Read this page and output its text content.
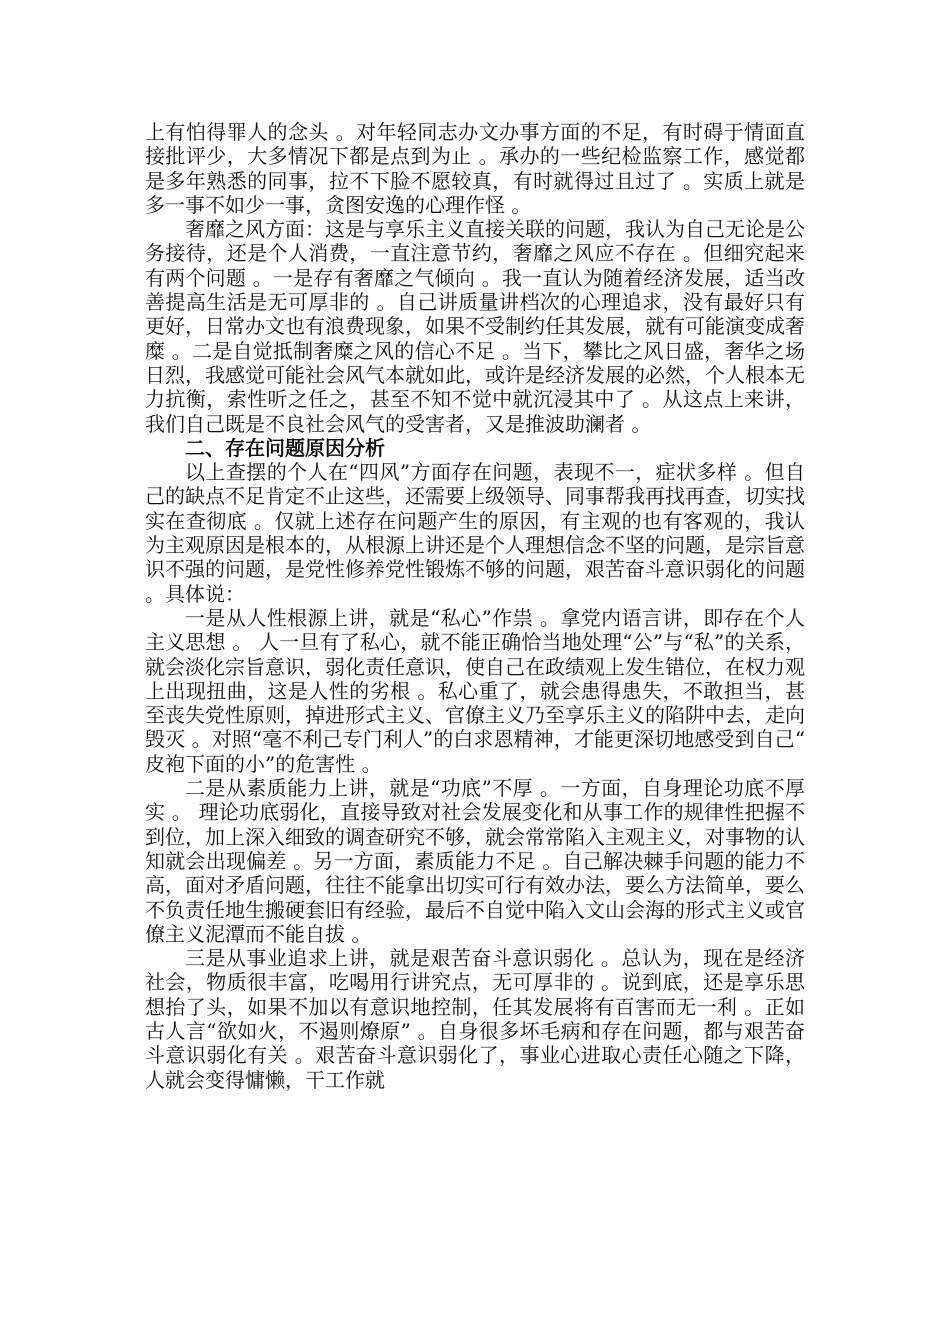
上有怕得罪人的念头 。对年轻同志办文办事方面的不足，有时碍于情面直接批评少，大多情况下都是点到为止 。承办的一些纪检监察工作，感觉都是多年熟悉的同事，拉不下脸不愿较真，有时就得过且过了 。实质上就是多一事不如少一事，贪图安逸的心理作怪 。

奢靡之风方面：这是与享乐主义直接关联的问题，我认为自己无论是公务接待，还是个人消费，一直注意节约，奢靡之风应不存在 。但细究起来有两个问题 。一是存有奢靡之气倾向 。我一直认为随着经济发展，适当改善提高生活是无可厚非的 。自己讲质量讲档次的心理追求，没有最好只有更好，日常办文也有浪费现象，如果不受制约任其发展，就有可能演变成奢糜 。二是自觉抵制奢糜之风的信心不足 。当下，攀比之风日盛，奢华之场日烈，我感觉可能社会风气本就如此，或许是经济发展的必然，个人根本无力抗衡，索性听之任之，甚至不知不觉中就沉浸其中了 。从这点上来讲，我们自己既是不良社会风气的受害者，又是推波助澜者 。

二、存在问题原因分析

以上查摆的个人在“四风”方面存在问题，表现不一，症状多样 。但自己的缺点不足肯定不止这些，还需要上级领导、同事帮我再找再查，切实找实在查彻底 。仅就上述存在问题产生的原因，有主观的也有客观的，我认为主观原因是根本的，从根源上讲还是个人理想信念不坚的问题，是宗旨意识不强的问题，是党性修养党性锻炼不够的问题，艰苦奋斗意识弱化的问题 。具体说：

一是从人性根源上讲，就是“私心”作祟 。拿党内语言讲，即存在个人主义思想 。 人一旦有了私心，就不能正确恰当地处理“公”与“私”的关系，就会淡化宗旨意识，弱化责任意识，使自己在政绩观上发生错位，在权力观上出现扭曲，这是人性的劣根 。私心重了，就会患得患失，不敢担当，甚至丧失党性原则，掉进形式主义、官僚主义乃至享乐主义的陷阱中去，走向毁灭 。对照“毫不利己专门利人”的白求恩精神，才能更深切地感受到自己“皮袍下面的小”的危害性 。

二是从素质能力上讲，就是“功底”不厚 。一方面，自身理论功底不厚实 。 理论功底弱化，直接导致对社会发展变化和从事工作的规律性把握不到位，加上深入细致的调查研究不够，就会常常陷入主观主义，对事物的认知就会出现偏差 。另一方面，素质能力不足 。自己解决棘手问题的能力不高，面对矛盾问题，往往不能拿出切实可行有效办法，要么方法简单，要么不负责任地生搬硬套旧有经验，最后不自觉中陷入文山会海的形式主义或官僚主义泥潭而不能自拔 。

三是从事业追求上讲，就是艰苦奋斗意识弱化 。总认为，现在是经济社会，物质很丰富，吃喝用行讲究点，无可厚非的 。说到底，还是享乐思想抬了头，如果不加以有意识地控制，任其发展将有百害而无一利 。正如古人言“欲如火，不遏则燎原” 。自身很多坏毛病和存在问题，都与艰苦奋斗意识弱化有关 。艰苦奋斗意识弱化了，事业心进取心责任心随之下降，人就会变得慵懒，干工作就
